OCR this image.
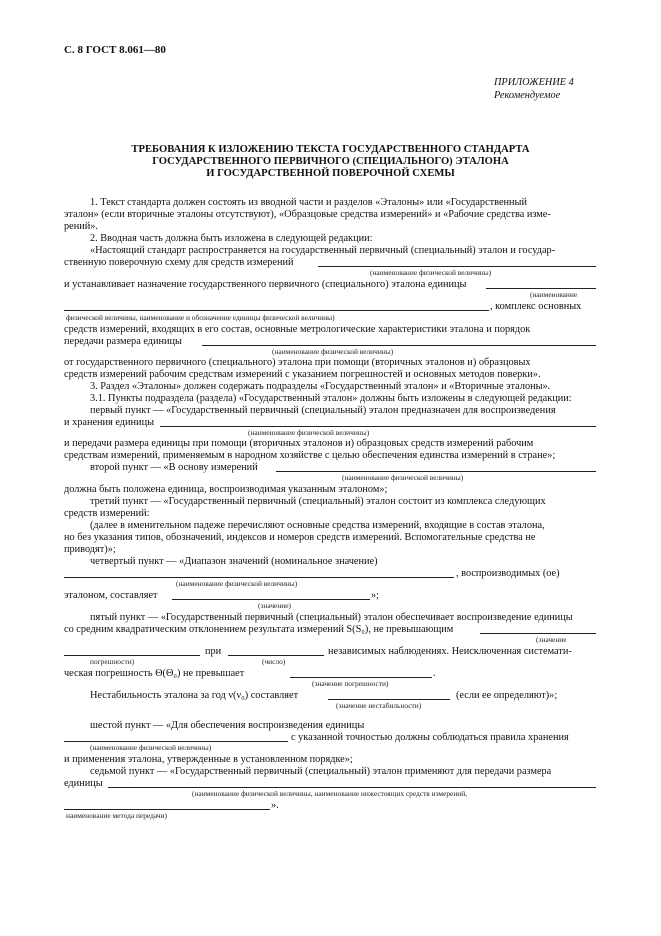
С. 8 ГОСТ 8.061—80
ПРИЛОЖЕНИЕ 4
Рекомендуемое
ТРЕБОВАНИЯ К ИЗЛОЖЕНИЮ ТЕКСТА ГОСУДАРСТВЕННОГО СТАНДАРТА
ГОСУДАРСТВЕННОГО ПЕРВИЧНОГО (СПЕЦИАЛЬНОГО) ЭТАЛОНА
И ГОСУДАРСТВЕННОЙ ПОВЕРОЧНОЙ СХЕМЫ
1. Текст стандарта должен состоять из вводной части и разделов «Эталоны» или «Государственный
эталон» (если вторичные эталоны отсутствуют), «Образцовые средства измерений» и «Рабочие средства изме-
рений».
2. Вводная часть должна быть изложена в следующей редакции:
«Настоящий стандарт распространяется на государственный первичный (специальный) эталон и государ-
ственную поверочную схему для средств измерений
(наименование физической величины)
и устанавливает назначение государственного первичного (специального) эталона единицы
(наименование
, комплекс основных
физической величины, наименование и обозначение единицы физической величины)
средств измерений, входящих в его состав, основные метрологические характеристики эталона и порядок
передачи размера единицы
(наименование физической величины)
от государственного первичного (специального) эталона при помощи (вторичных эталонов и) образцовых
средств измерений рабочим средствам измерений с указанием погрешностей и основных методов поверки».
3. Раздел «Эталоны» должен содержать подразделы «Государственный эталон» и «Вторичные эталоны».
3.1. Пункты подраздела (раздела) «Государственный эталон» должны быть изложены в следующей редакции:
первый пункт — «Государственный первичный (специальный) эталон предназначен для воспроизведения
и хранения единицы
(наименование физической величины)
и передачи размера единицы при помощи (вторичных эталонов и) образцовых средств измерений рабочим
средствам измерений, применяемым в народном хозяйстве с целью обеспечения единства измерений в стране»;
второй пункт — «В основу измерений
(наименование физической величины)
должна быть положена единица, воспроизводимая указанным эталоном»;
третий пункт — «Государственный первичный (специальный) эталон состоит из комплекса следующих
средств измерений:
(далее в именительном падеже перечисляют основные средства измерений, входящие в состав эталона,
но без указания типов, обозначений, индексов и номеров средств измерений. Вспомогательные средства не
приводят)»;
четвертый пункт — «Диапазон значений (номинальное значение)
, воспроизводимых (ое)
(наименование физической величины)
эталоном, составляет	»;
(значение)
пятый пункт — «Государственный первичный (специальный) эталон обеспечивает воспроизведение единицы
со средним квадратическим отклонением результата измерений S(S₀), не превышающим
(значение
при	независимых наблюдениях. Неисключенная системати-
погрешности)	(число)
ческая погрешность Θ(Θ₀) не превышает	.
(значение погрешности)
Нестабильность эталона за год ν(ν₀) составляет	(если ее определяют)»;
(значение нестабильности)
шестой пункт — «Для обеспечения воспроизведения единицы
с указанной точностью должны соблюдаться правила хранения
(наименование физической величины)
и применения эталона, утвержденные в установленном порядке»;
седьмой пункт — «Государственный первичный (специальный) эталон применяют для передачи размера
единицы
(наименование физической величины, наименование нижестоящих средств измерений,
».
наименование метода передачи)
